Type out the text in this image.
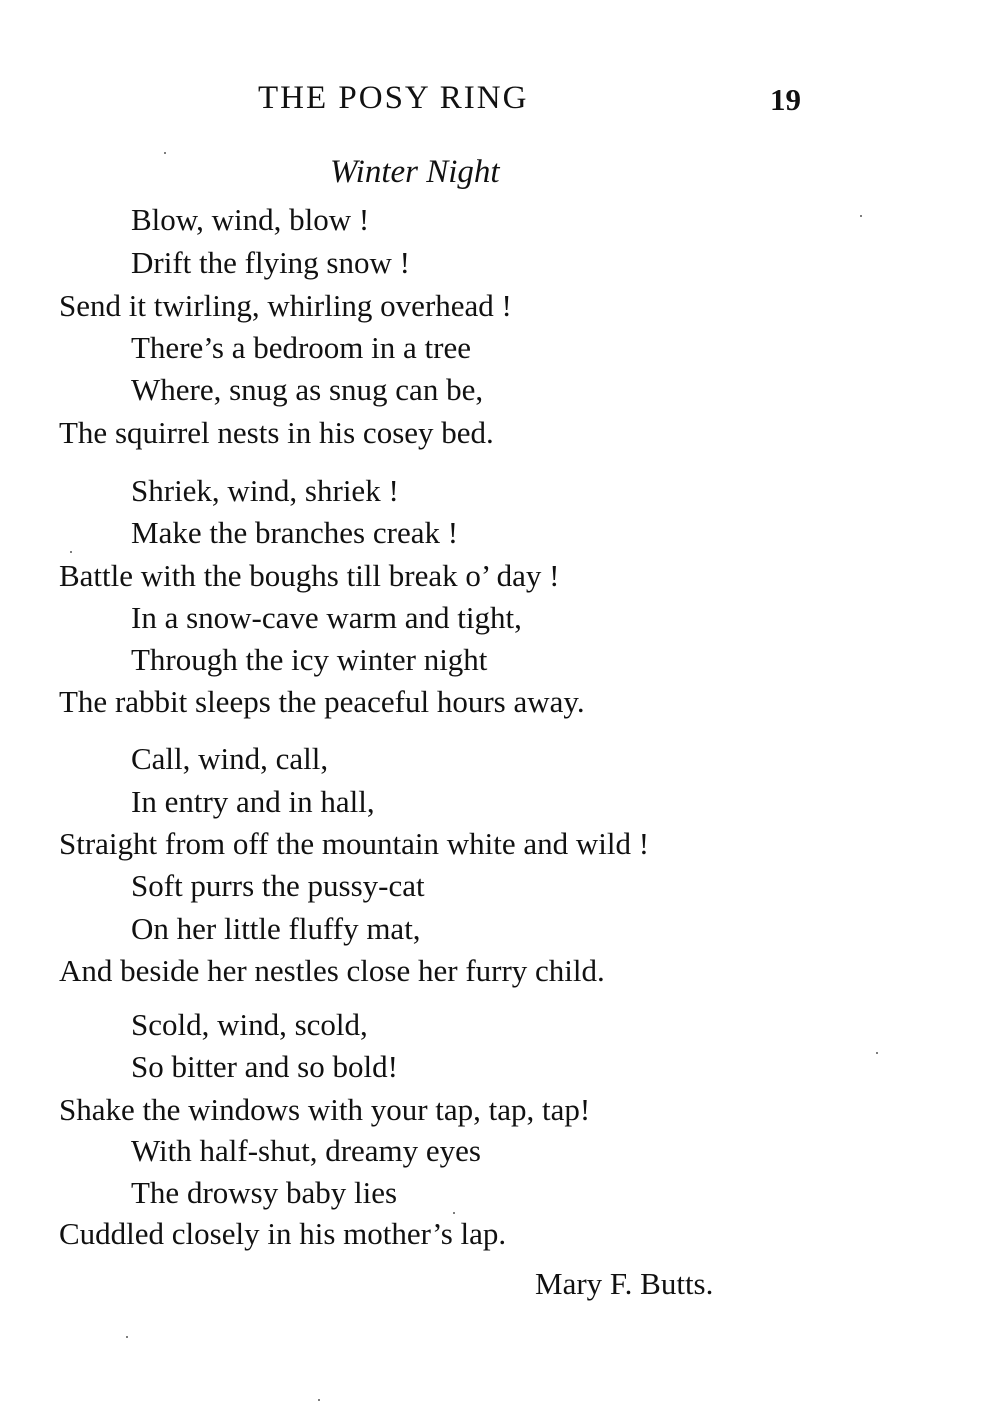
THE POSY RING	19
Winter Night
Blow, wind, blow !
Drift the flying snow !
Send it twirling, whirling overhead !
There’s a bedroom in a tree
Where, snug as snug can be,
The squirrel nests in his cosey bed.
Shriek, wind, shriek !
Make the branches creak !
Battle with the boughs till break o’ day !
In a snow-cave warm and tight,
Through the icy winter night
The rabbit sleeps the peaceful hours away.
Call, wind, call,
In entry and in hall,
Straight from off the mountain white and wild !
Soft purrs the pussy-cat
On her little fluffy mat,
And beside her nestles close her furry child.
Scold, wind, scold,
So bitter and so bold!
Shake the windows with your tap, tap, tap!
With half-shut, dreamy eyes
The drowsy baby lies
Cuddled closely in his mother’s lap.
Mary F. Butts.
